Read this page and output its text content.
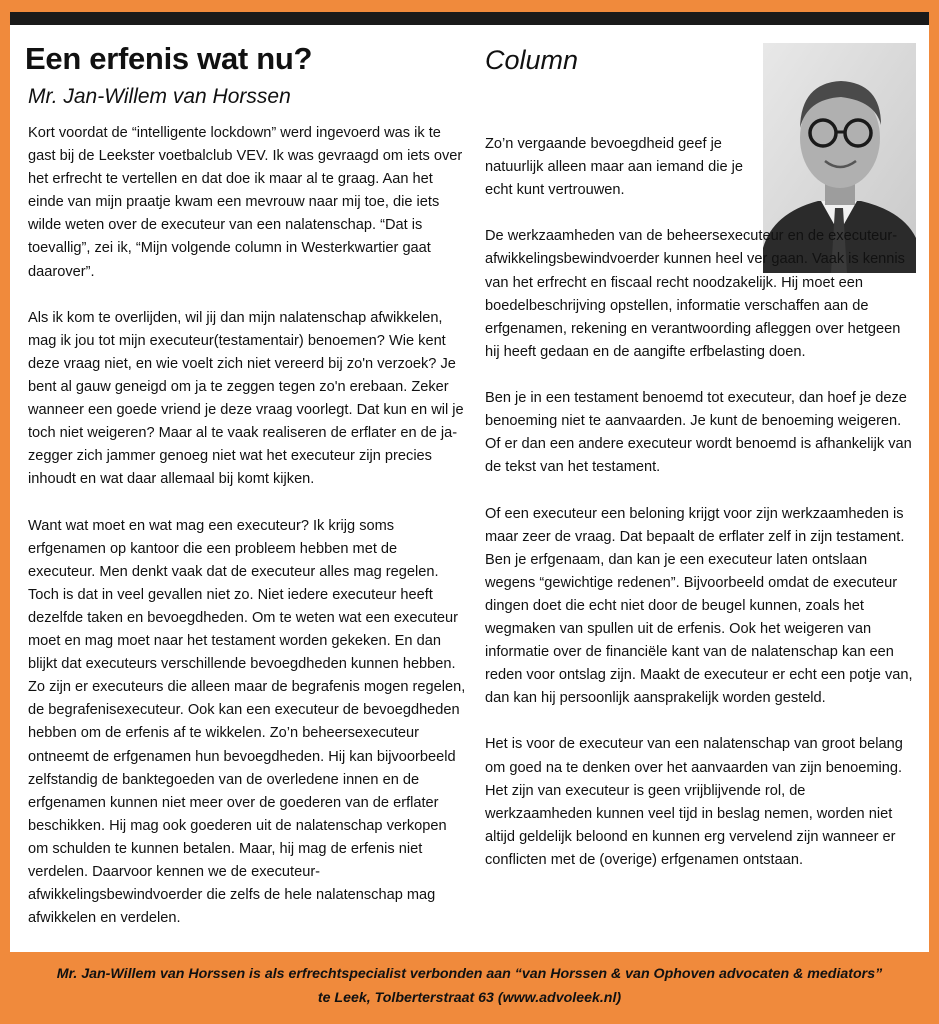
Een erfenis wat nu?
Mr. Jan-Willem van Horssen
Column

Kort voordat de “intelligente lockdown” werd ingevoerd was ik te gast bij de Leekster voetbalclub VEV. Ik was gevraagd om iets over het erfrecht te vertellen en dat doe ik maar al te graag. Aan het einde van mijn praatje kwam een mevrouw naar mij toe, die iets wilde weten over de executeur van een nalatenschap. “Dat is toevallig”, zei ik, “Mijn volgende column in Westerkwartier gaat daarover”.

Als ik kom te overlijden, wil jij dan mijn nalatenschap afwikkelen, mag ik jou tot mijn executeur(testamentair) benoemen? Wie kent deze vraag niet, en wie voelt zich niet vereerd bij zo'n verzoek? Je bent al gauw geneigd om ja te zeggen tegen zo'n erebaan. Zeker wanneer een goede vriend je deze vraag voorlegt. Dat kun en wil je toch niet weigeren? Maar al te vaak realiseren de erflater en de ja-zegger zich jammer genoeg niet wat het executeur zijn precies inhoudt en wat daar allemaal bij komt kijken.

Want wat moet en wat mag een executeur? Ik krijg soms erfgenamen op kantoor die een probleem hebben met de executeur. Men denkt vaak dat de executeur alles mag regelen. Toch is dat in veel gevallen niet zo. Niet iedere executeur heeft dezelfde taken en bevoegdheden. Om te weten wat een executeur moet en mag moet naar het testament worden gekeken. En dan blijkt dat executeurs verschillende bevoegdheden kunnen hebben. Zo zijn er executeurs die alleen maar de begrafenis mogen regelen, de begrafenisexecuteur. Ook kan een executeur de bevoegdheden hebben om de erfenis af te wikkelen. Zo’n beheersexecuteur ontneemt de erfgenamen hun bevoegdheden. Hij kan bijvoorbeeld zelfstandig de banktegoeden van de overledene innen en de erfgenamen kunnen niet meer over de goederen van de erflater beschikken. Hij mag ook goederen uit de nalatenschap verkopen om schulden te kunnen betalen. Maar, hij mag de erfenis niet verdelen. Daarvoor kennen we de executeur-afwikkelingsbewindvoerder die zelfs de hele nalatenschap mag afwikkelen en verdelen.

Zo’n vergaande bevoegdheid geef je natuurlijk alleen maar aan iemand die je echt kunt vertrouwen.

De werkzaamheden van de beheersexecuteur en de executeur-afwikkelingsbewindvoerder kunnen heel ver gaan. Vaak is kennis van het erfrecht en fiscaal recht noodzakelijk. Hij moet een boedelbeschrijving opstellen, informatie verschaffen aan de erfgenamen, rekening en verantwoording afleggen over hetgeen hij heeft gedaan en de aangifte erfbelasting doen.

Ben je in een testament benoemd tot executeur, dan hoef je deze benoeming niet te aanvaarden. Je kunt de benoeming weigeren. Of er dan een andere executeur wordt benoemd is afhankelijk van de tekst van het testament.

Of een executeur een beloning krijgt voor zijn werkzaamheden is maar zeer de vraag. Dat bepaalt de erflater zelf in zijn testament. Ben je erfgenaam, dan kan je een executeur laten ontslaan wegens “gewichtige redenen”. Bijvoorbeeld omdat de executeur dingen doet die echt niet door de beugel kunnen, zoals het wegmaken van spullen uit de erfenis. Ook het weigeren van informatie over de financiële kant van de nalatenschap kan een reden voor ontslag zijn. Maakt de executeur er echt een potje van, dan kan hij persoonlijk aansprakelijk worden gesteld.

Het is voor de executeur van een nalatenschap van groot belang om goed na te denken over het aanvaarden van zijn benoeming. Het zijn van executeur is geen vrijblijvende rol, de werkzaamheden kunnen veel tijd in beslag nemen, worden niet altijd geldelijk beloond en kunnen erg vervelend zijn wanneer er conflicten met de (overige) erfgenamen ontstaan.

Mr. Jan-Willem van Horssen is als erfrechtspecialist verbonden aan “van Horssen & van Ophoven advocaten & mediators”
te Leek, Tolberterstraat 63 (www.advoleek.nl)
